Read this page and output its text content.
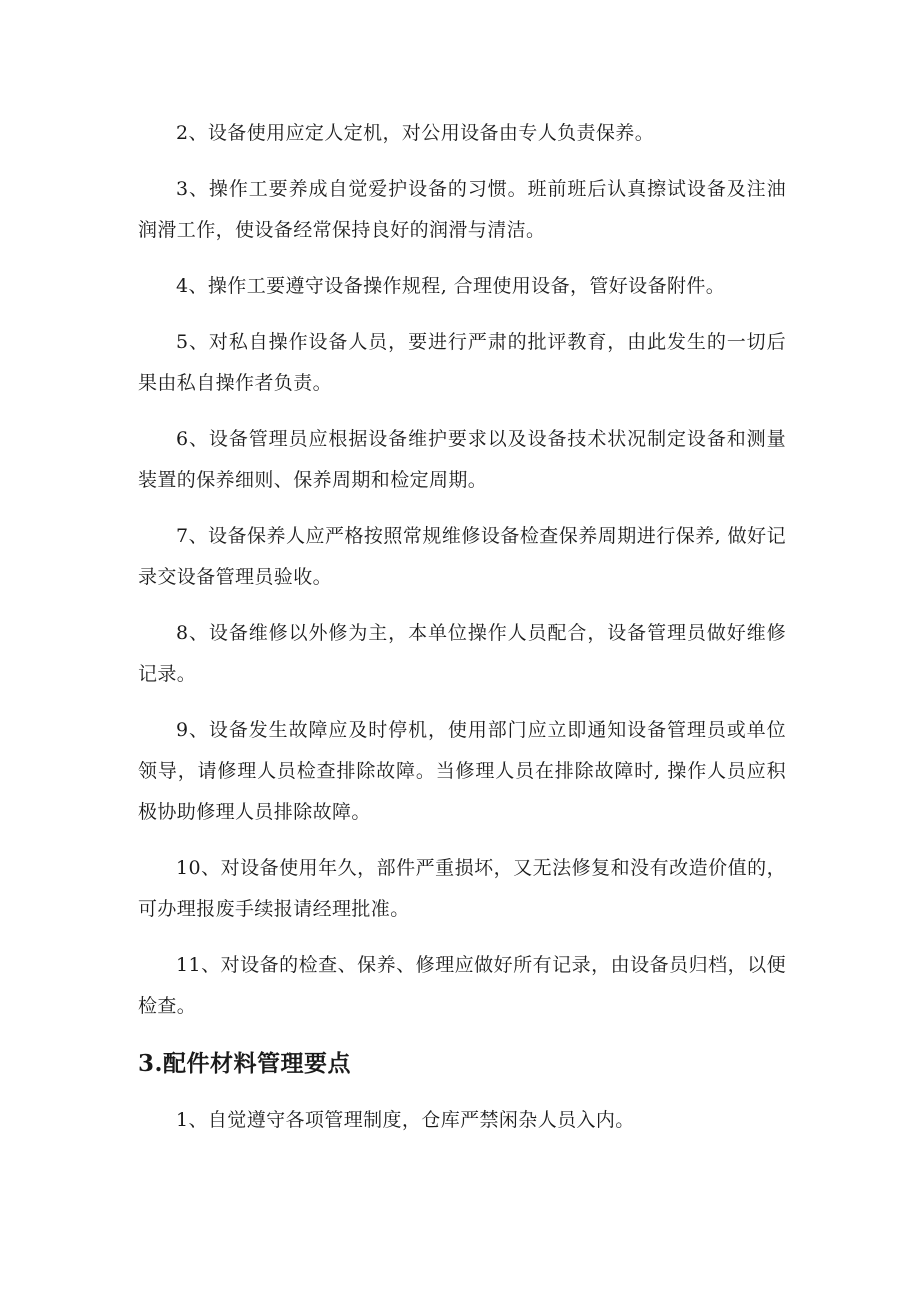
2、设备使用应定人定机，对公用设备由专人负责保养。

3、操作工要养成自觉爱护设备的习惯。班前班后认真擦试设备及注油润滑工作，使设备经常保持良好的润滑与清洁。

4、操作工要遵守设备操作规程, 合理使用设备，管好设备附件。

5、对私自操作设备人员，要进行严肃的批评教育，由此发生的一切后果由私自操作者负责。

6、设备管理员应根据设备维护要求以及设备技术状况制定设备和测量装置的保养细则、保养周期和检定周期。

7、设备保养人应严格按照常规维修设备检查保养周期进行保养, 做好记录交设备管理员验收。

8、设备维修以外修为主，本单位操作人员配合，设备管理员做好维修记录。

9、设备发生故障应及时停机，使用部门应立即通知设备管理员或单位领导，请修理人员检查排除故障。当修理人员在排除故障时, 操作人员应积极协助修理人员排除故障。

10、对设备使用年久，部件严重损坏，又无法修复和没有改造价值的，可办理报废手续报请经理批准。

11、对设备的检查、保养、修理应做好所有记录，由设备员归档，以便检查。

3.配件材料管理要点

1、自觉遵守各项管理制度，仓库严禁闲杂人员入内。
